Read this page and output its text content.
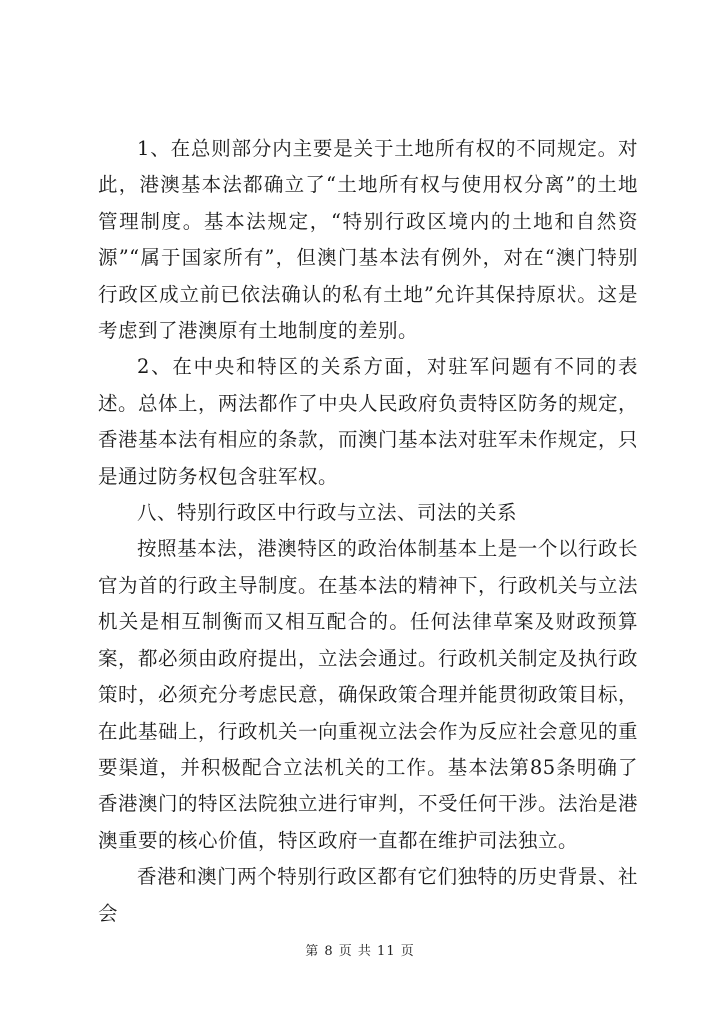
1、在总则部分内主要是关于土地所有权的不同规定。对此，港澳基本法都确立了“土地所有权与使用权分离”的土地管理制度。基本法规定，“特别行政区境内的土地和自然资源”“属于国家所有”，但澳门基本法有例外，对在“澳门特别行政区成立前已依法确认的私有土地”允许其保持原状。这是考虑到了港澳原有土地制度的差别。

2、在中央和特区的关系方面，对驻军问题有不同的表述。总体上，两法都作了中央人民政府负责特区防务的规定，香港基本法有相应的条款，而澳门基本法对驻军未作规定，只是通过防务权包含驻军权。

八、特别行政区中行政与立法、司法的关系

按照基本法，港澳特区的政治体制基本上是一个以行政长官为首的行政主导制度。在基本法的精神下，行政机关与立法机关是相互制衡而又相互配合的。任何法律草案及财政预算案，都必须由政府提出，立法会通过。行政机关制定及执行政策时，必须充分考虑民意，确保政策合理并能贯彻政策目标，在此基础上，行政机关一向重视立法会作为反应社会意见的重要渠道，并积极配合立法机关的工作。基本法第85条明确了香港澳门的特区法院独立进行审判，不受任何干涉。法治是港澳重要的核心价值，特区政府一直都在维护司法独立。

香港和澳门两个特别行政区都有它们独特的历史背景、社会

第 8 页 共 11 页
